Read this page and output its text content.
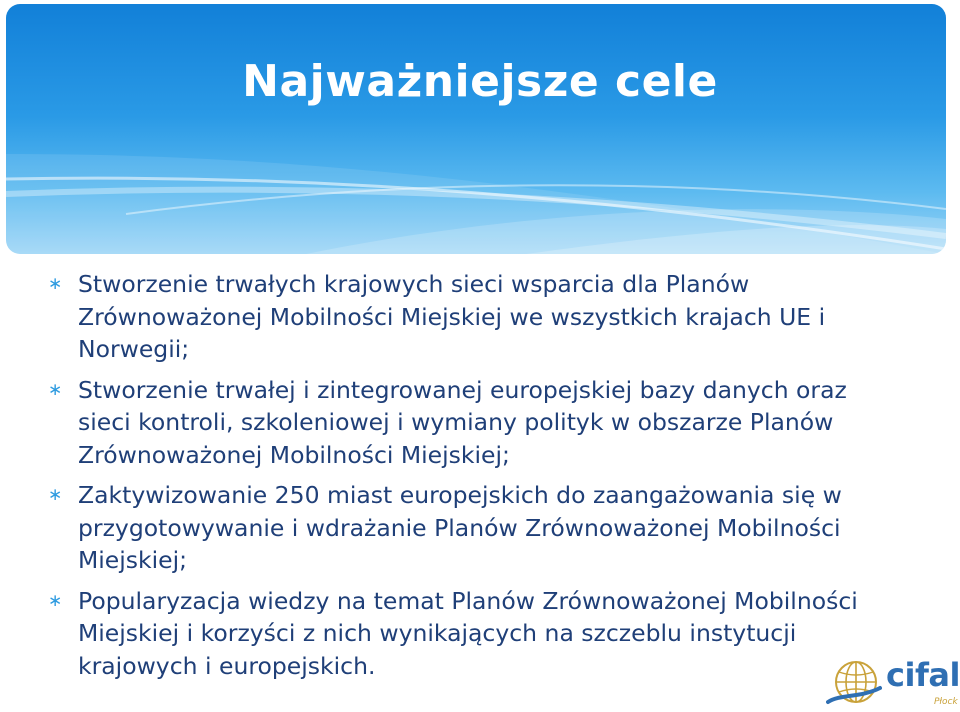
Najważniejsze cele
∗ Stworzenie trwałych krajowych sieci wsparcia dla Planów Zrównoważonej Mobilności Miejskiej we wszystkich krajach UE i Norwegii;
∗ Stworzenie trwałej i zintegrowanej europejskiej bazy danych oraz sieci kontroli, szkoleniowej i wymiany polityk w obszarze Planów Zrównoważonej Mobilności Miejskiej;
∗ Zaktywizowanie 250 miast europejskich do zaangażowania się w przygotowywanie i wdrażanie Planów Zrównoważonej Mobilności Miejskiej;
∗ Popularyzacja wiedzy na temat Planów Zrównoważonej Mobilności Miejskiej i korzyści z nich wynikających na szczeblu instytucji krajowych i europejskich.	cifal
Płock
